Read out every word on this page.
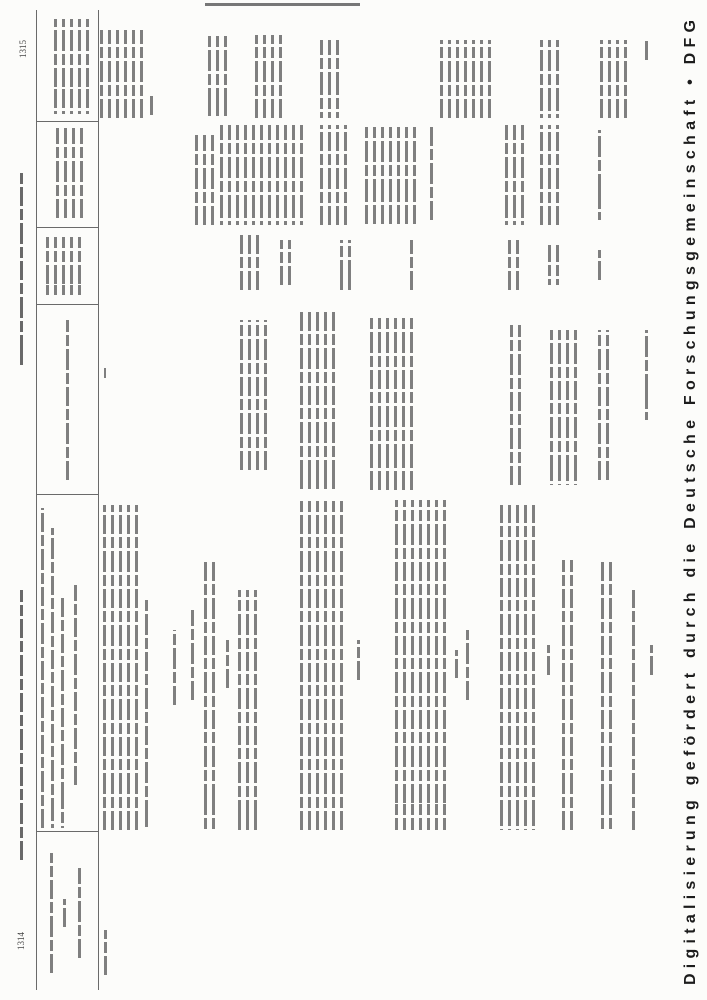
1314
1315
Digitalisierung gefördert durch die Deutsche Forschungsgemeinschaft • DFG
